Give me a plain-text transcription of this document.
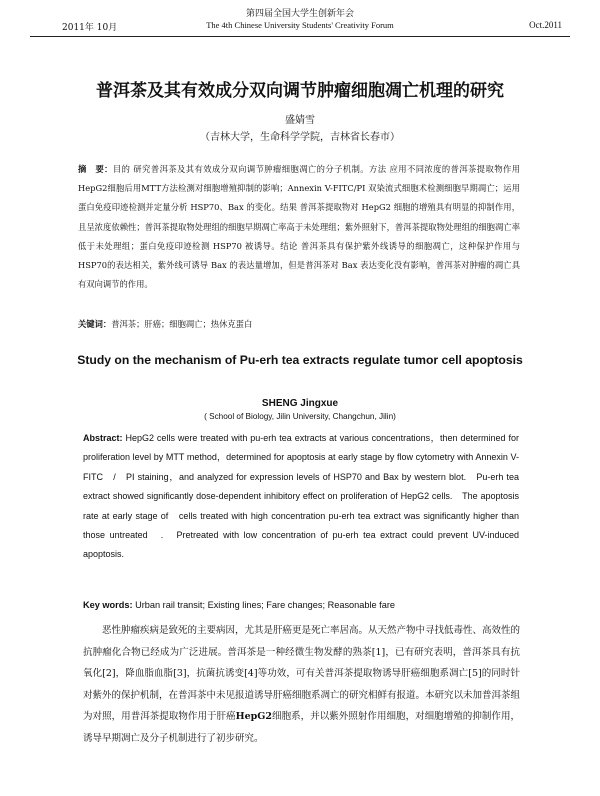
第四届全国大学生创新年会
2011年 10月	The 4th Chinese University Students' Creativity Forum	Oct.2011
普洱茶及其有效成分双向调节肿瘤细胞凋亡机理的研究
盛婧雪
（吉林大学，生命科学学院，吉林省长春市）
摘　要：目的 研究普洱茶及其有效成分双向调节肿瘤细胞凋亡的分子机制。方法 应用不同浓度的普洱茶提取物作用HepG2细胞后用MTT方法检测对细胞增殖抑制的影响；Annexin V-FITC/PI 双染流式细胞术检测细胞早期凋亡；运用蛋白免疫印迹检测并定量分析 HSP70、Bax 的变化。结果 普洱茶提取物对 HepG2 细胞的增殖具有明显的抑制作用，且呈浓度依赖性；普洱茶提取物处理组的细胞早期凋亡率高于未处理组；紫外照射下，普洱茶提取物处理组的细胞凋亡率低于未处理组；蛋白免疫印迹检测 HSP70 被诱导。结论 普洱茶具有保护紫外线诱导的细胞凋亡，这种保护作用与HSP70的表达相关，紫外线可诱导 Bax 的表达量增加，但是普洱茶对 Bax 表达变化没有影响，普洱茶对肿瘤的凋亡具有双向调节的作用。
关键词：普洱茶；肝癌；细胞凋亡；热休克蛋白
Study on the mechanism of Pu-erh tea extracts regulate tumor cell apoptosis
SHENG Jingxue
( School of Biology, Jilin University, Changchun, Jilin)
Abstract: HepG2 cells were treated with pu-erh tea extracts at various concentrations，then determined for proliferation level by MTT method，determined for apoptosis at early stage by flow cytometry with Annexin V-FITC　/　PI staining，and analyzed for expression levels of HSP70 and Bax by western blot.　Pu-erh tea extract showed significantly dose-dependent inhibitory effect on proliferation of HepG2 cells.　The apoptosis rate at early stage of　cells treated with high concentration pu-erh tea extract was significantly higher than those untreated　.　Pretreated with low concentration of pu-erh tea extract could prevent UV-induced apoptosis.
Key words: Urban rail transit; Existing lines; Fare changes; Reasonable fare
恶性肿瘤疾病是致死的主要病因，尤其是肝癌更是死亡率居高。从天然产物中寻找低毒性、高效性的抗肿瘤化合物已经成为广泛进展。普洱茶是一种经微生物发酵的熟茶[1]，已有研究表明，普洱茶具有抗氧化[2]，降血脂血脂[3]，抗菌抗诱变[4]等功效，可有关普洱茶提取物诱导肝癌细胞系凋亡[5]的同时针对紫外的保护机制，在普洱茶中未见报道诱导肝癌细胞系凋亡的研究相鲜有报道。本研究以未加普洱茶组为对照，用普洱茶提取物作用于肝癌HepG2细胞系，并以紫外照射作用细胞，对细胞增殖的抑制作用，诱导早期凋亡及分子机制进行了初步研究。
